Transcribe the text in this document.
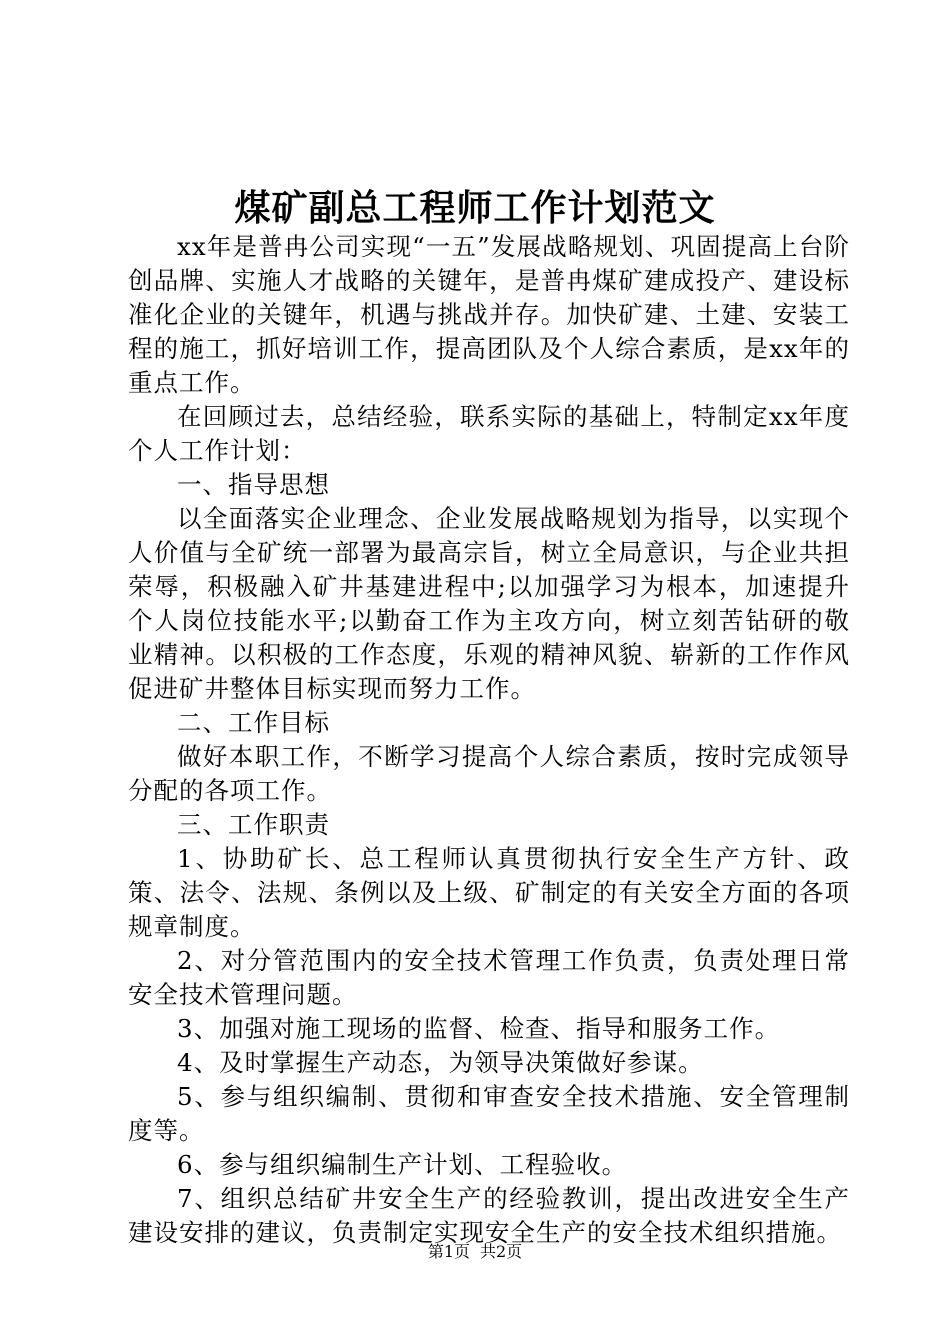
煤矿副总工程师工作计划范文

xx年是普冉公司实现“一五”发展战略规划、巩固提高上台阶创品牌、实施人才战略的关键年，是普冉煤矿建成投产、建设标准化企业的关键年，机遇与挑战并存。加快矿建、土建、安装工程的施工，抓好培训工作，提高团队及个人综合素质，是xx年的重点工作。

在回顾过去，总结经验，联系实际的基础上，特制定xx年度个人工作计划：

一、指导思想

以全面落实企业理念、企业发展战略规划为指导，以实现个人价值与全矿统一部署为最高宗旨，树立全局意识，与企业共担荣辱，积极融入矿井基建进程中;以加强学习为根本，加速提升个人岗位技能水平;以勤奋工作为主攻方向，树立刻苦钻研的敬业精神。以积极的工作态度，乐观的精神风貌、崭新的工作作风促进矿井整体目标实现而努力工作。

二、工作目标

做好本职工作，不断学习提高个人综合素质，按时完成领导分配的各项工作。

三、工作职责

1、协助矿长、总工程师认真贯彻执行安全生产方针、政策、法令、法规、条例以及上级、矿制定的有关安全方面的各项规章制度。

2、对分管范围内的安全技术管理工作负责，负责处理日常安全技术管理问题。

3、加强对施工现场的监督、检查、指导和服务工作。

4、及时掌握生产动态，为领导决策做好参谋。

5、参与组织编制、贯彻和审查安全技术措施、安全管理制度等。

6、参与组织编制生产计划、工程验收。

7、组织总结矿井安全生产的经验教训，提出改进安全生产建设安排的建议，负责制定实现安全生产的安全技术组织措施。

第1页 共2页
